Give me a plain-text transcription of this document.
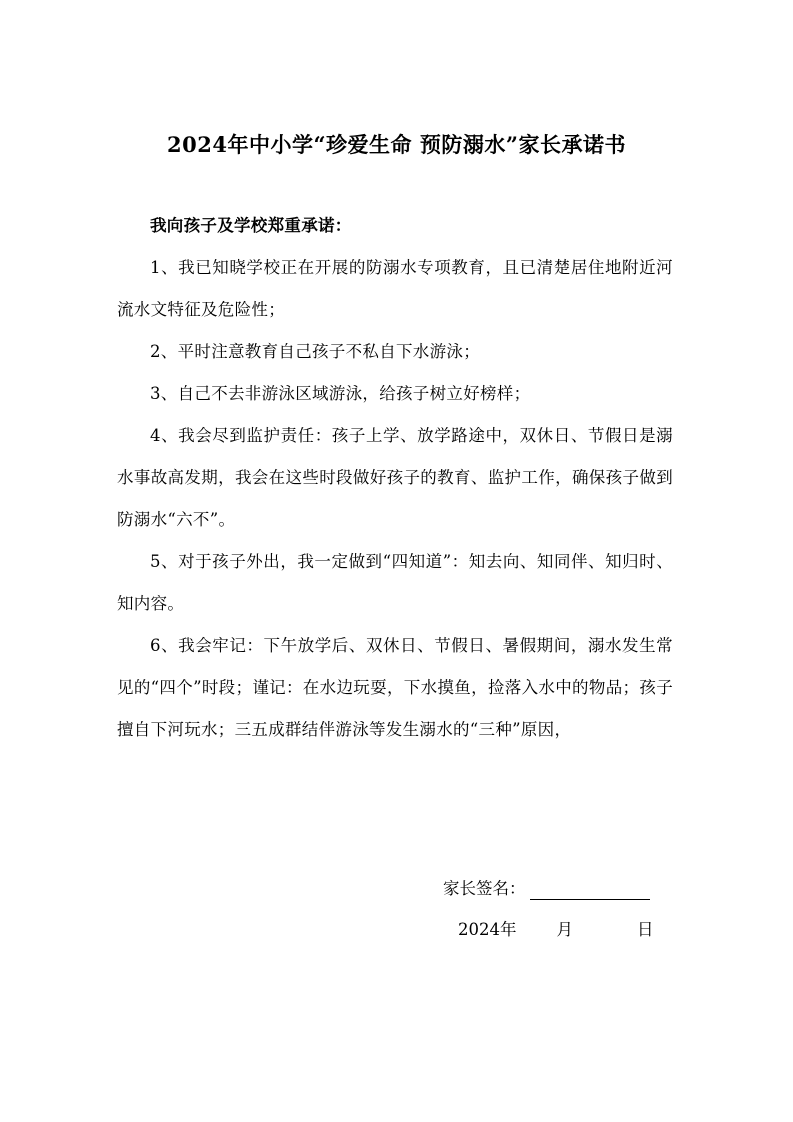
2024年中小学“珍爱生命 预防溺水”家长承诺书

我向孩子及学校郑重承诺：

1、我已知晓学校正在开展的防溺水专项教育，且已清楚居住地附近河流水文特征及危险性；

2、平时注意教育自己孩子不私自下水游泳；

3、自己不去非游泳区域游泳，给孩子树立好榜样；

4、我会尽到监护责任：孩子上学、放学路途中，双休日、节假日是溺水事故高发期，我会在这些时段做好孩子的教育、监护工作，确保孩子做到防溺水“六不”。

5、对于孩子外出，我一定做到“四知道”：知去向、知同伴、知归时、知内容。

6、我会牢记：下午放学后、双休日、节假日、暑假期间，溺水发生常见的“四个”时段；谨记：在水边玩耍，下水摸鱼，捡落入水中的物品；孩子擅自下河玩水；三五成群结伴游泳等发生溺水的“三种”原因，

家长签名：
2024年 月	日
